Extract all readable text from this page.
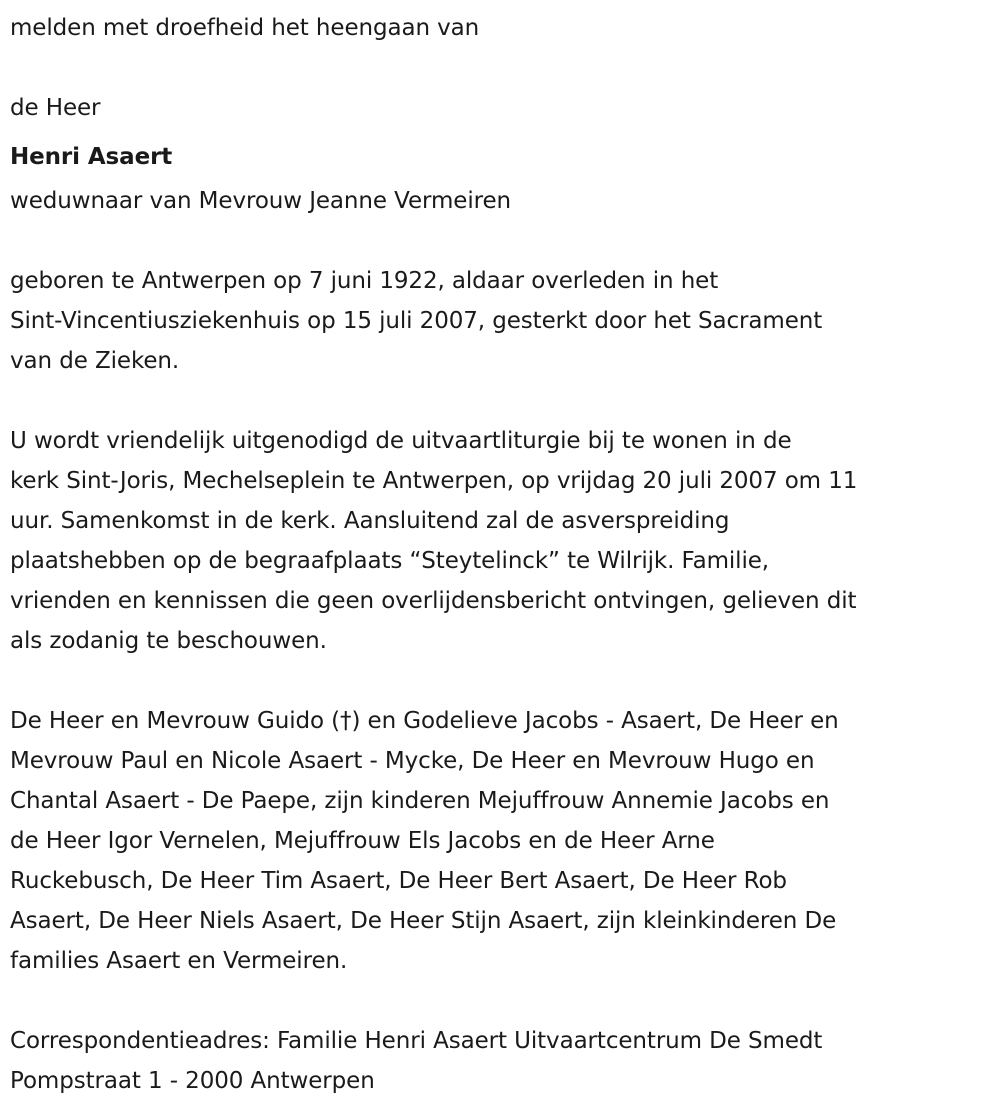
melden met droefheid het heengaan van
de Heer
Henri Asaert
weduwnaar van Mevrouw Jeanne Vermeiren
geboren te Antwerpen op 7 juni 1922, aldaar overleden in het
Sint-Vincentiusziekenhuis op 15 juli 2007, gesterkt door het Sacrament
van de Zieken.
U wordt vriendelijk uitgenodigd de uitvaartliturgie bij te wonen in de
kerk Sint-Joris, Mechelseplein te Antwerpen, op vrijdag 20 juli 2007 om 11
uur. Samenkomst in de kerk. Aansluitend zal de asverspreiding
plaatshebben op de begraafplaats “Steytelinck” te Wilrijk. Familie,
vrienden en kennissen die geen overlijdensbericht ontvingen, gelieven dit
als zodanig te beschouwen.
De Heer en Mevrouw Guido (†) en Godelieve Jacobs - Asaert, De Heer en
Mevrouw Paul en Nicole Asaert - Mycke, De Heer en Mevrouw Hugo en
Chantal Asaert - De Paepe, zijn kinderen Mejuffrouw Annemie Jacobs en
de Heer Igor Vernelen, Mejuffrouw Els Jacobs en de Heer Arne
Ruckebusch, De Heer Tim Asaert, De Heer Bert Asaert, De Heer Rob
Asaert, De Heer Niels Asaert, De Heer Stijn Asaert, zijn kleinkinderen De
families Asaert en Vermeiren.
Correspondentieadres: Familie Henri Asaert Uitvaartcentrum De Smedt
Pompstraat 1 - 2000 Antwerpen
